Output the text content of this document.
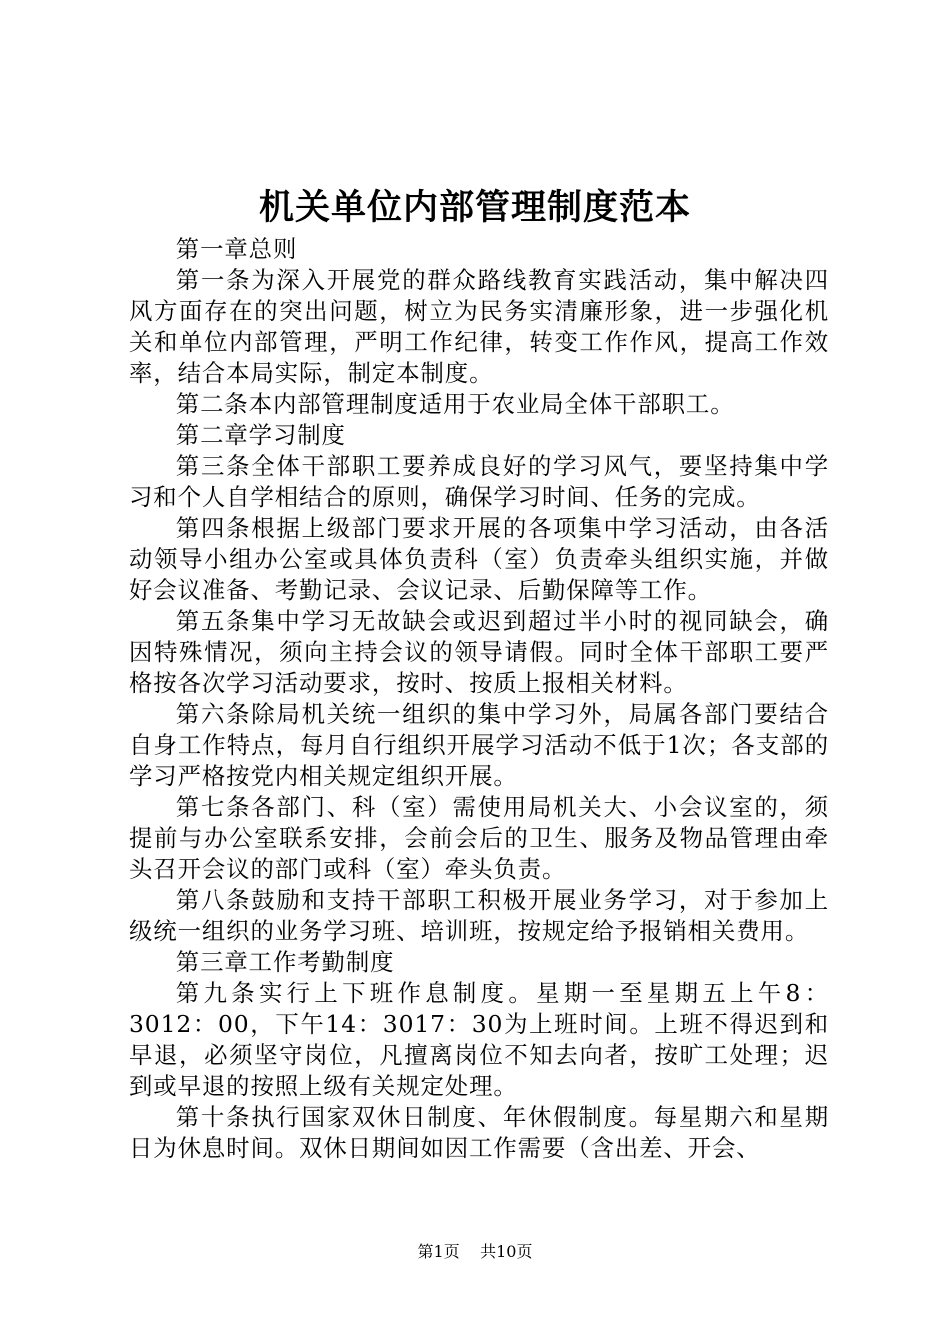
机关单位内部管理制度范本

第一章总则

第一条为深入开展党的群众路线教育实践活动，集中解决四风方面存在的突出问题，树立为民务实清廉形象，进一步强化机关和单位内部管理，严明工作纪律，转变工作作风，提高工作效率，结合本局实际，制定本制度。

第二条本内部管理制度适用于农业局全体干部职工。

第二章学习制度

第三条全体干部职工要养成良好的学习风气，要坚持集中学习和个人自学相结合的原则，确保学习时间、任务的完成。

第四条根据上级部门要求开展的各项集中学习活动，由各活动领导小组办公室或具体负责科（室）负责牵头组织实施，并做好会议准备、考勤记录、会议记录、后勤保障等工作。

第五条集中学习无故缺会或迟到超过半小时的视同缺会，确因特殊情况，须向主持会议的领导请假。同时全体干部职工要严格按各次学习活动要求，按时、按质上报相关材料。

第六条除局机关统一组织的集中学习外，局属各部门要结合自身工作特点，每月自行组织开展学习活动不低于1次；各支部的学习严格按党内相关规定组织开展。

第七条各部门、科（室）需使用局机关大、小会议室的，须提前与办公室联系安排，会前会后的卫生、服务及物品管理由牵头召开会议的部门或科（室）牵头负责。

第八条鼓励和支持干部职工积极开展业务学习，对于参加上级统一组织的业务学习班、培训班，按规定给予报销相关费用。

第三章工作考勤制度

第九条实行上下班作息制度。星期一至星期五上午8：3012：00，下午14：3017：30为上班时间。上班不得迟到和早退，必须坚守岗位，凡擅离岗位不知去向者，按旷工处理；迟到或早退的按照上级有关规定处理。

第十条执行国家双休日制度、年休假制度。每星期六和星期日为休息时间。双休日期间如因工作需要（含出差、开会、

第1页 共10页
